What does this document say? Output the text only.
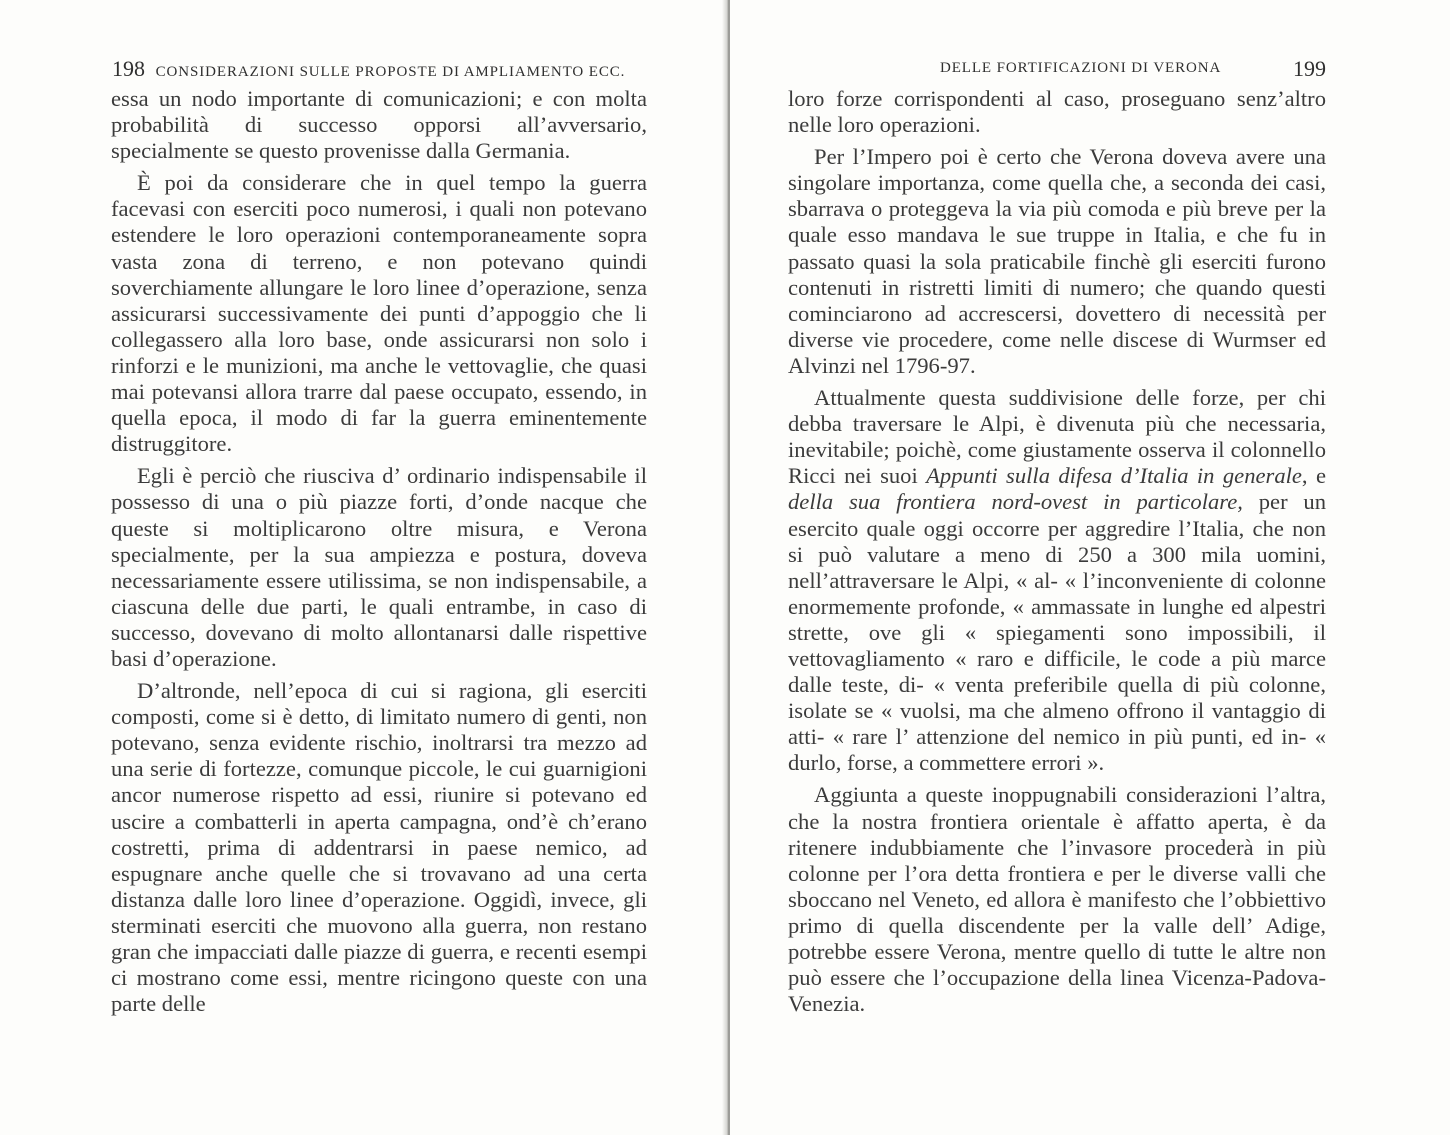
198 CONSIDERAZIONI SULLE PROPOSTE DI AMPLIAMENTO ECC.

essa un nodo importante di comunicazioni; e con molta probabilità di successo opporsi all’avversario, specialmente se questo provenisse dalla Germania.

È poi da considerare che in quel tempo la guerra facevasi con eserciti poco numerosi, i quali non potevano estendere le loro operazioni contemporaneamente sopra vasta zona di terreno, e non potevano quindi soverchiamente allungare le loro linee d’operazione, senza assicurarsi successivamente dei punti d’appoggio che li collegassero alla loro base, onde assicurarsi non solo i rinforzi e le munizioni, ma anche le vettovaglie, che quasi mai potevansi allora trarre dal paese occupato, essendo, in quella epoca, il modo di far la guerra eminentemente distruggitore.

Egli è perciò che riusciva d’ ordinario indispensabile il possesso di una o più piazze forti, d’onde nacque che queste si moltiplicarono oltre misura, e Verona specialmente, per la sua ampiezza e postura, doveva necessariamente essere utilissima, se non indispensabile, a ciascuna delle due parti, le quali entrambe, in caso di successo, dovevano di molto allontanarsi dalle rispettive basi d’operazione.

D’altronde, nell’epoca di cui si ragiona, gli eserciti composti, come si è detto, di limitato numero di genti, non potevano, senza evidente rischio, inoltrarsi tra mezzo ad una serie di fortezze, comunque piccole, le cui guarnigioni ancor numerose rispetto ad essi, riunire si potevano ed uscire a combatterli in aperta campagna, ond’è ch’erano costretti, prima di addentrarsi in paese nemico, ad espugnare anche quelle che si trovavano ad una certa distanza dalle loro linee d’operazione. Oggidì, invece, gli sterminati eserciti che muovono alla guerra, non restano gran che impacciati dalle piazze di guerra, e recenti esempi ci mostrano come essi, mentre ricingono queste con una parte delle

DELLE FORTIFICAZIONI DI VERONA	199

loro forze corrispondenti al caso, proseguano senz’altro nelle loro operazioni.

Per l’Impero poi è certo che Verona doveva avere una singolare importanza, come quella che, a seconda dei casi, sbarrava o proteggeva la via più comoda e più breve per la quale esso mandava le sue truppe in Italia, e che fu in passato quasi la sola praticabile finchè gli eserciti furono contenuti in ristretti limiti di numero; che quando questi cominciarono ad accrescersi, dovettero di necessità per diverse vie procedere, come nelle discese di Wurmser ed Alvinzi nel 1796-97.

Attualmente questa suddivisione delle forze, per chi debba traversare le Alpi, è divenuta più che necessaria, inevitabile; poichè, come giustamente osserva il colonnello Ricci nei suoi Appunti sulla difesa d’Italia in generale, e della sua frontiera nord-ovest in particolare, per un esercito quale oggi occorre per aggredire l’Italia, che non si può valutare a meno di 250 a 300 mila uomini, nell’attraversare le Alpi, « al- « l’inconveniente di colonne enormemente profonde, « ammassate in lunghe ed alpestri strette, ove gli « spiegamenti sono impossibili, il vettovagliamento « raro e difficile, le code a più marce dalle teste, di- « venta preferibile quella di più colonne, isolate se « vuolsi, ma che almeno offrono il vantaggio di atti- « rare l’ attenzione del nemico in più punti, ed in- « durlo, forse, a commettere errori ».

Aggiunta a queste inoppugnabili considerazioni l’altra, che la nostra frontiera orientale è affatto aperta, è da ritenere indubbiamente che l’invasore procederà in più colonne per l’ora detta frontiera e per le diverse valli che sboccano nel Veneto, ed allora è manifesto che l’obbiettivo primo di quella discendente per la valle dell’ Adige, potrebbe essere Verona, mentre quello di tutte le altre non può essere che l’occupazione della linea Vicenza-Padova-Venezia.
